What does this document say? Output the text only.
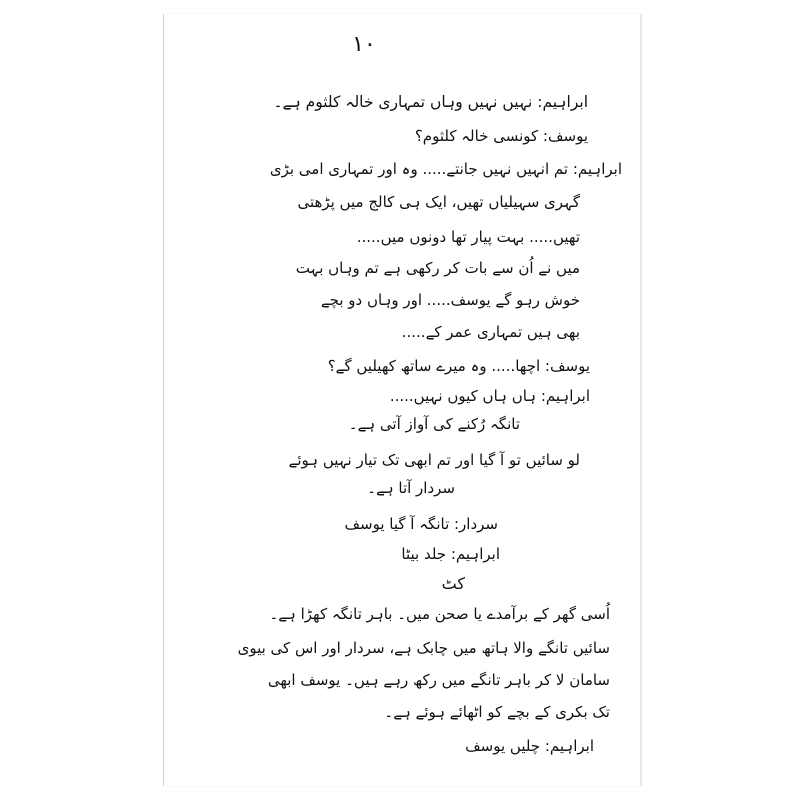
١٠
ابراہیم: نہیں نہیں وہاں تمہاری خالہ کلثوم ہے۔
یوسف: کونسی خالہ کلثوم؟
ابراہیم: تم انہیں نہیں جانتے..... وہ اور تمہاری امی بڑی
گہری سہیلیاں تھیں، ایک ہی کالج میں پڑھتی
تھیں..... بہت پیار تھا دونوں میں.....
میں نے اُن سے بات کر رکھی ہے تم وہاں بہت
خوش رہو گے یوسف..... اور وہاں دو بچے
بھی ہیں تمہاری عمر کے.....
یوسف: اچھا..... وہ میرے ساتھ کھیلیں گے؟
ابراہیم: ہاں ہاں کیوں نہیں.....
تانگہ رُکنے کی آواز آتی ہے۔
لو سائیں تو آ گیا اور تم ابھی تک تیار نہیں ہوئے
سردار آتا ہے۔
سردار: تانگہ آ گیا یوسف
ابراہیم: جلد بیٹا
کٹ
اُسی گھر کے برآمدے یا صحن میں۔ باہر تانگہ کھڑا ہے۔
سائیں تانگے والا ہاتھ میں چابک ہے، سردار اور اس کی بیوی
سامان لا کر باہر تانگے میں رکھ رہے ہیں۔ یوسف ابھی
تک بکری کے بچے کو اٹھائے ہوئے ہے۔
ابراہیم: چلیں یوسف
